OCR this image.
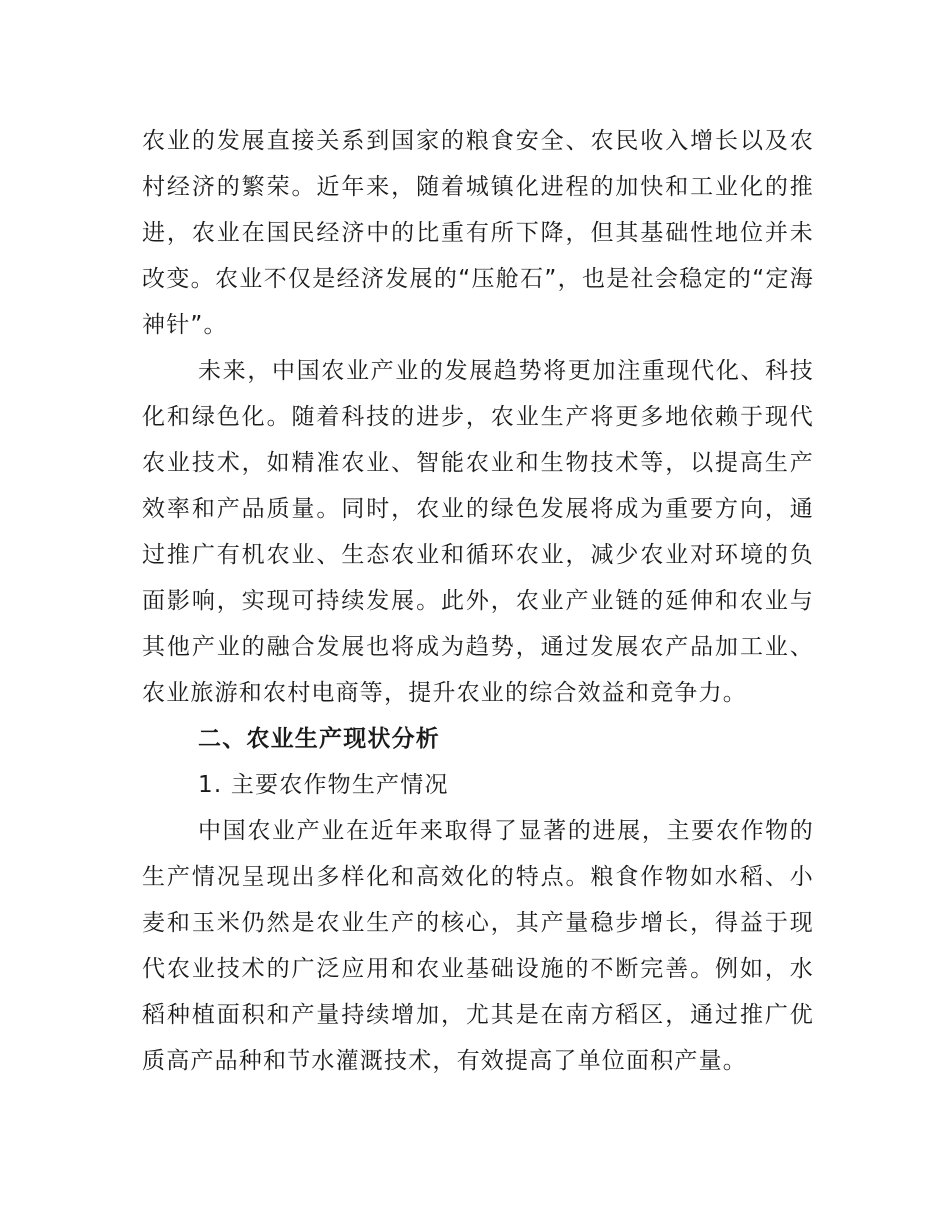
农业的发展直接关系到国家的粮食安全、农民收入增长以及农村经济的繁荣。近年来，随着城镇化进程的加快和工业化的推进，农业在国民经济中的比重有所下降，但其基础性地位并未改变。农业不仅是经济发展的“压舱石”，也是社会稳定的“定海神针”。

未来，中国农业产业的发展趋势将更加注重现代化、科技化和绿色化。随着科技的进步，农业生产将更多地依赖于现代农业技术，如精准农业、智能农业和生物技术等，以提高生产效率和产品质量。同时，农业的绿色发展将成为重要方向，通过推广有机农业、生态农业和循环农业，减少农业对环境的负面影响，实现可持续发展。此外，农业产业链的延伸和农业与其他产业的融合发展也将成为趋势，通过发展农产品加工业、农业旅游和农村电商等，提升农业的综合效益和竞争力。

二、农业生产现状分析

1. 主要农作物生产情况

中国农业产业在近年来取得了显著的进展，主要农作物的生产情况呈现出多样化和高效化的特点。粮食作物如水稻、小麦和玉米仍然是农业生产的核心，其产量稳步增长，得益于现代农业技术的广泛应用和农业基础设施的不断完善。例如，水稻种植面积和产量持续增加，尤其是在南方稻区，通过推广优质高产品种和节水灌溉技术，有效提高了单位面积产量。
